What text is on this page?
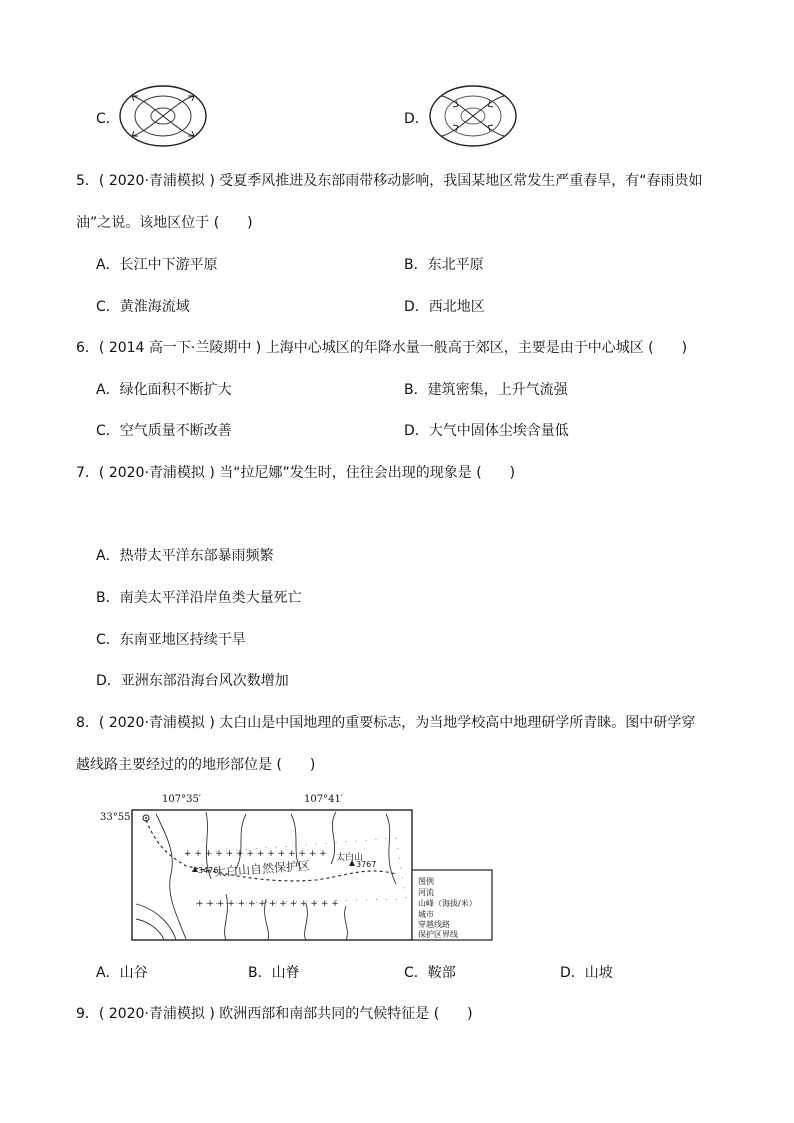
C．	D．
5．( 2020·青浦模拟 ) 受夏季风推进及东部雨带移动影响，我国某地区常发生严重春旱，有“春雨贵如
油”之说。该地区位于 (　　)
A．长江中下游平原	B．东北平原
C．黄淮海流域	D．西北地区
6．( 2014 高一下·兰陵期中 ) 上海中心城区的年降水量一般高于郊区，主要是由于中心城区 (　　)
A．绿化面积不断扩大	B．建筑密集，上升气流强
C．空气质量不断改善	D．大气中固体尘埃含量低
7．( 2020·青浦模拟 ) 当“拉尼娜”发生时，住往会出现的现象是 (　　)
A．热带太平洋东部暴雨频繁
B．南美太平洋沿岸鱼类大量死亡
C．东南亚地区持续干旱
D．亚洲东部沿海台风次数增加
8．( 2020·青浦模拟 ) 太白山是中国地理的重要标志，为当地学校高中地理研学所青睐。图中研学穿
越线路主要经过的的地形部位是 (　　)
+ + + + + + + + + + + + + +
+ + + + + + + + + + + + + +
107°35′	107°41′
33°55′
太白山自然保护区
太白山
3476
3767
图例
河流
山峰（海拔/米）
城市
穿越线路
保护区界线
A．山谷	B．山脊	C．鞍部	D．山坡
9．( 2020·青浦模拟 ) 欧洲西部和南部共同的气候特征是 (　　)
